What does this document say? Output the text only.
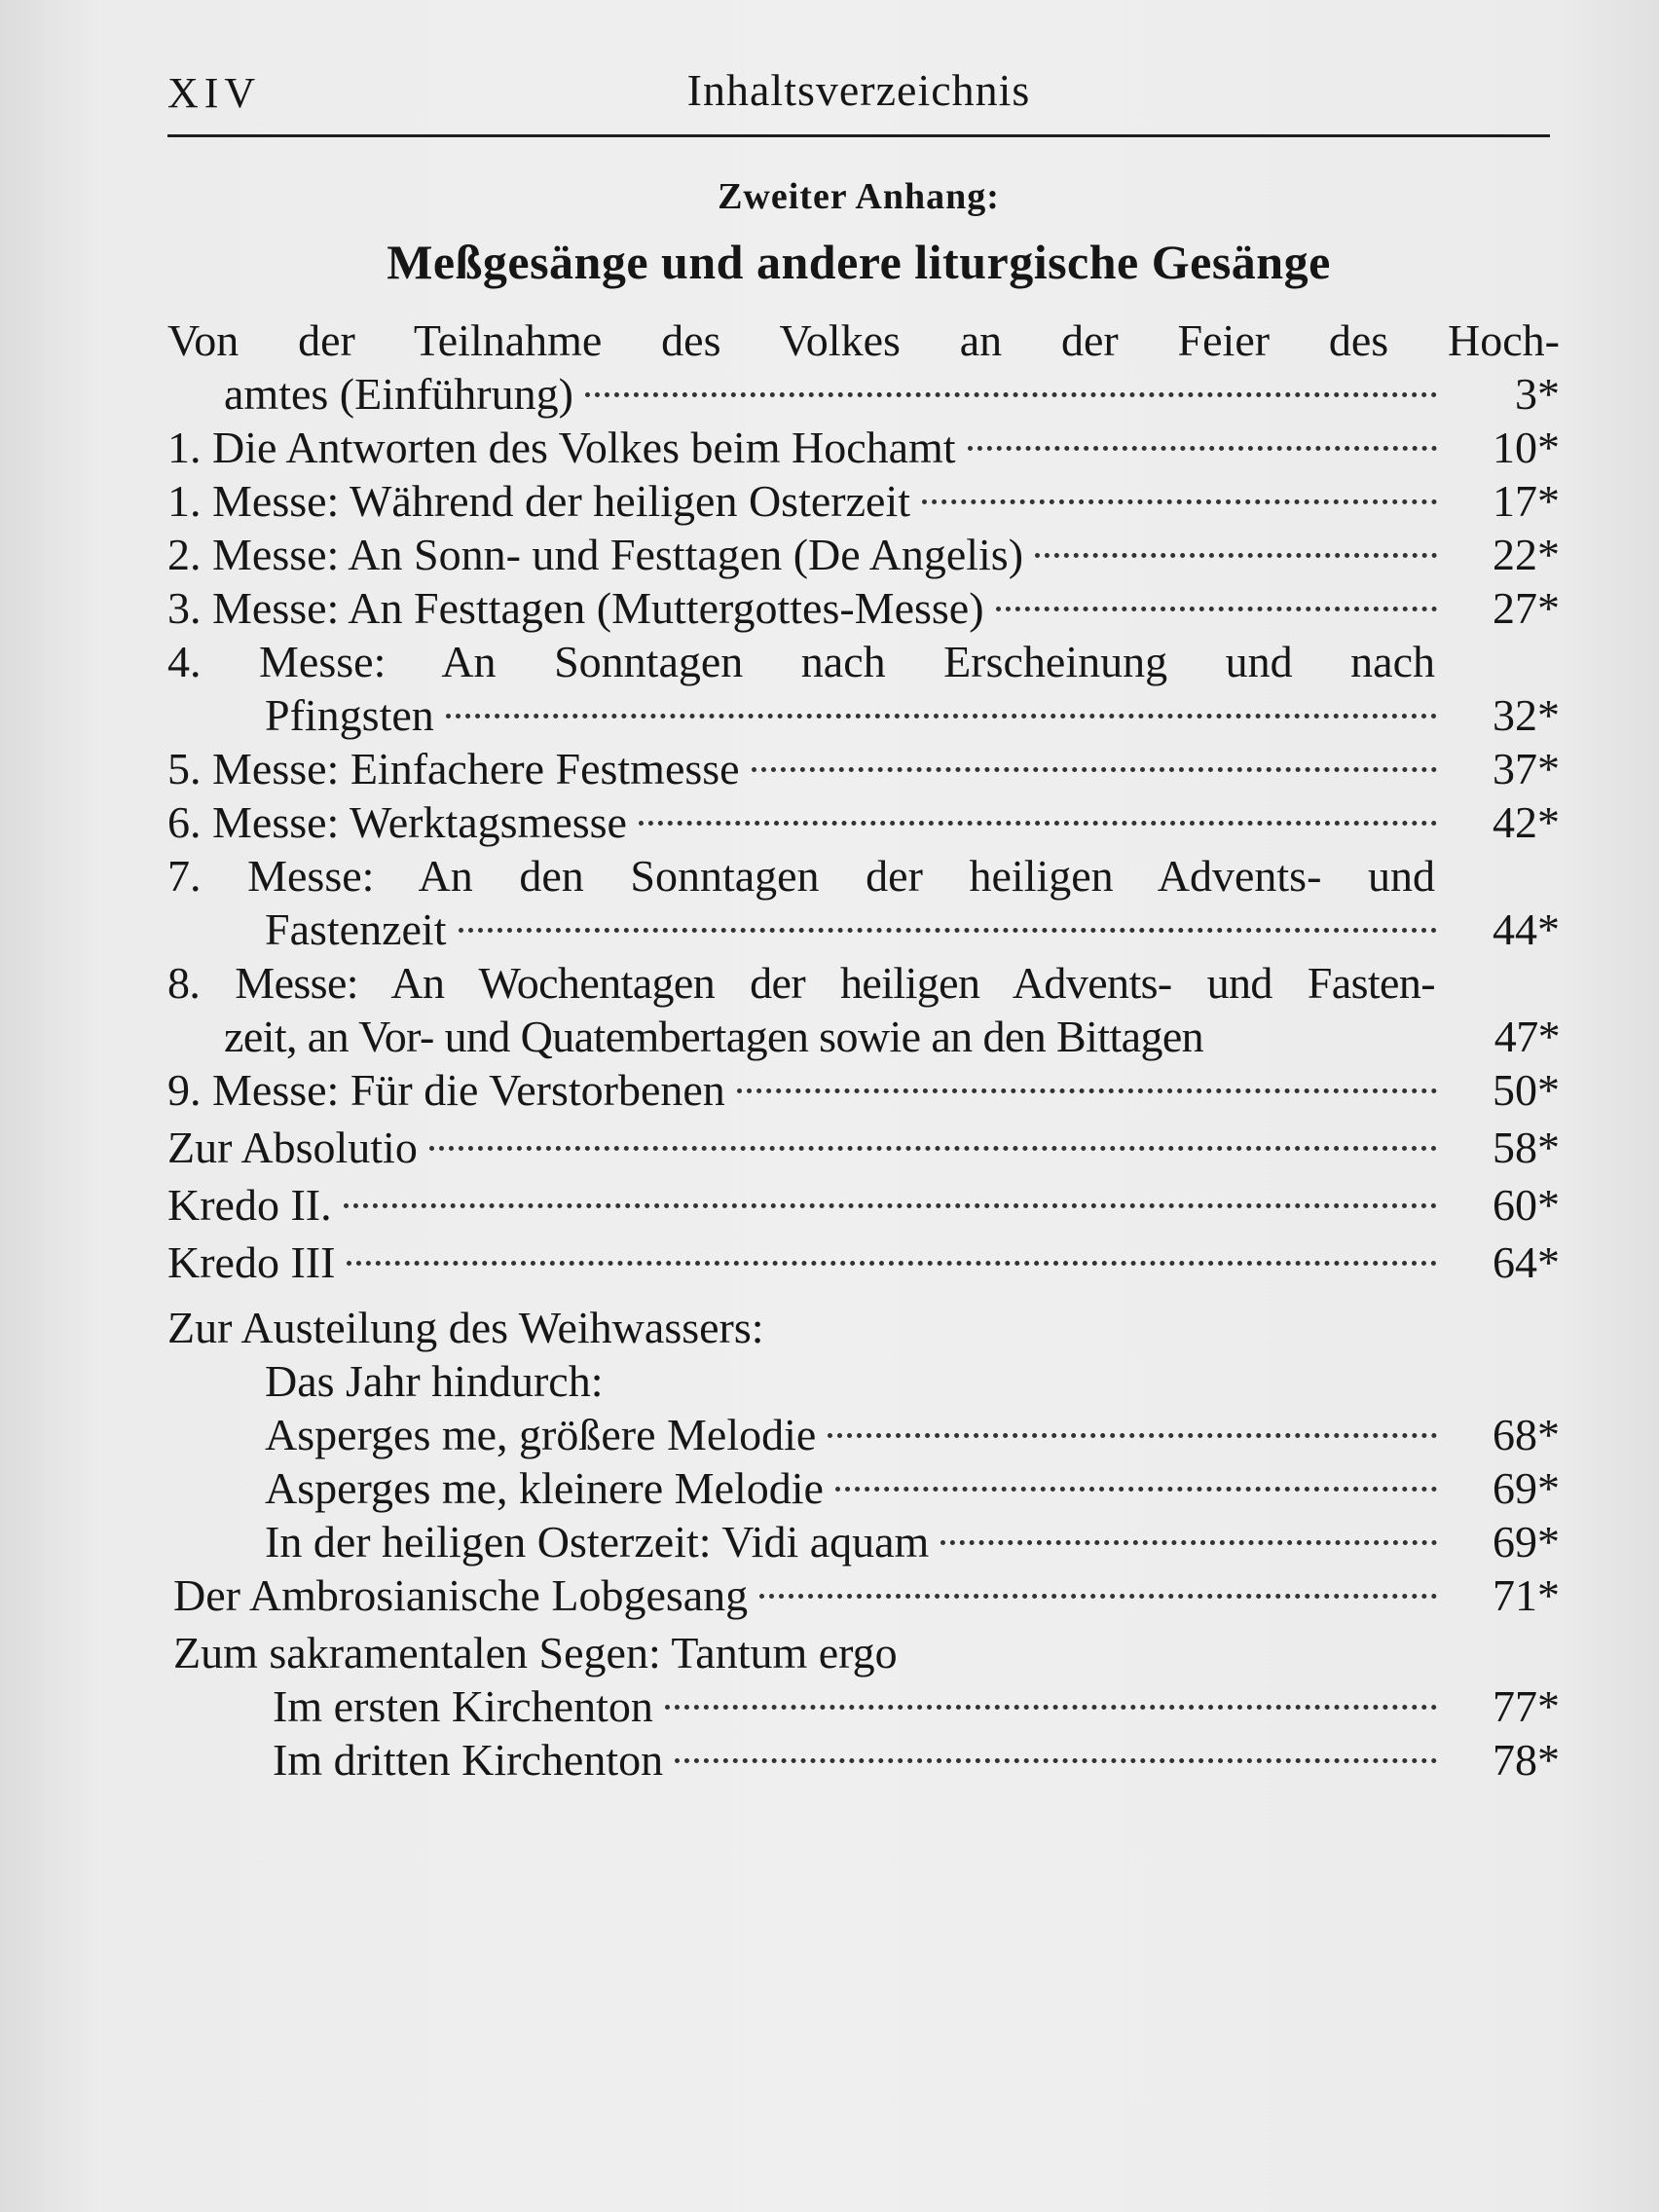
XIV	Inhaltsverzeichnis
Zweiter Anhang:
Meßgesänge und andere liturgische Gesänge
Von der Teilnahme des Volkes an der Feier des Hoch-
amtes (Einführung)	3*
1. Die Antworten des Volkes beim Hochamt	10*
1. Messe: Während der heiligen Osterzeit	17*
2. Messe: An Sonn- und Festtagen (De Angelis)	22*
3. Messe: An Festtagen (Muttergottes-Messe)	27*
4. Messe: An Sonntagen nach Erscheinung und nach
Pfingsten	32*
5. Messe: Einfachere Festmesse	37*
6. Messe: Werktagsmesse	42*
7. Messe: An den Sonntagen der heiligen Advents- und
Fastenzeit	44*
8. Messe: An Wochentagen der heiligen Advents- und Fasten-
zeit, an Vor- und Quatembertagen sowie an den Bittagen	47*
9. Messe: Für die Verstorbenen	50*
Zur Absolutio	58*
Kredo II.	60*
Kredo III	64*
Zur Austeilung des Weihwassers:
Das Jahr hindurch:
Asperges me, größere Melodie	68*
Asperges me, kleinere Melodie	69*
In der heiligen Osterzeit: Vidi aquam	69*
Der Ambrosianische Lobgesang	71*
Zum sakramentalen Segen: Tantum ergo
Im ersten Kirchenton	77*
Im dritten Kirchenton	78*
